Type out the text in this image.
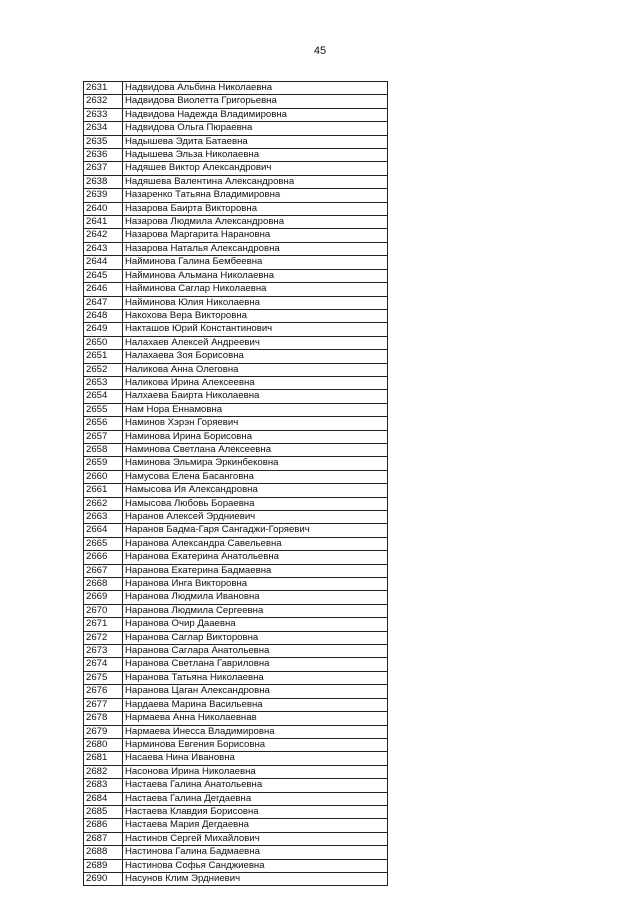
45
2631	Надвидова Альбина Николаевна
2632	Надвидова Виолетта Григорьевна
2633	Надвидова Надежда Владимировна
2634	Надвидова Ольга Пюраевна
2635	Надышева Эдита Батаевна
2636	Надышева Эльза Николаевна
2637	Надяшев Виктор Александрович
2638	Надяшева Валентина Александровна
2639	Назаренко Татьяна Владимировна
2640	Назарова Баирта Викторовна
2641	Назарова Людмила Александровна
2642	Назарова Маргарита Нарановна
2643	Назарова Наталья Александровна
2644	Найминова Галина Бембеевна
2645	Найминова Альмана Николаевна
2646	Найминова Саглар Николаевна
2647	Найминова Юлия Николаевна
2648	Накохова Вера Викторовна
2649	Накташов Юрий Константинович
2650	Налахаев Алексей Андреевич
2651	Налахаева Зоя Борисовна
2652	Наликова Анна Олеговна
2653	Наликова Ирина Алексеевна
2654	Налхаева Баирта Николаевна
2655	Нам Нора Еннамовна
2656	Наминов Хэрэн Горяевич
2657	Наминова Ирина Борисовна
2658	Наминова Светлана Алексеевна
2659	Наминова Эльмира Эркинбековна
2660	Намусова Елена Басанговна
2661	Намысова Ия Александровна
2662	Намысова Любовь Бораевна
2663	Наранов Алексей Эрдниевич
2664	Наранов Бадма-Гаря Сангаджи-Горяевич
2665	Наранова Александра Савельевна
2666	Наранова Екатерина Анатольевна
2667	Наранова Екатерина Бадмаевна
2668	Наранова Инга Викторовна
2669	Наранова Людмила Ивановна
2670	Наранова Людмила Сергеевна
2671	Наранова Очир Дааевна
2672	Наранова Саглар Викторовна
2673	Наранова Саглара Анатольевна
2674	Наранова Светлана Гавриловна
2675	Наранова Татьяна Николаевна
2676	Наранова Цаган Александровна
2677	Нардаева Марина Васильевна
2678	Нармаева Анна Николаевнав
2679	Нармаева Инесса Владимировна
2680	Нарминова Евгения Борисовна
2681	Насаева Нина Ивановна
2682	Насонова Ирина Николаевна
2683	Настаева Галина Анатольевна
2684	Настаева Галина Дегдаевна
2685	Настаева Клавдия Борисовна
2686	Настаева Мария Дегдаевна
2687	Настинов Сергей Михайлович
2688	Настинова Галина Бадмаевна
2689	Настинова Софья Санджиевна
2690	Насунов Клим Эрдниевич
